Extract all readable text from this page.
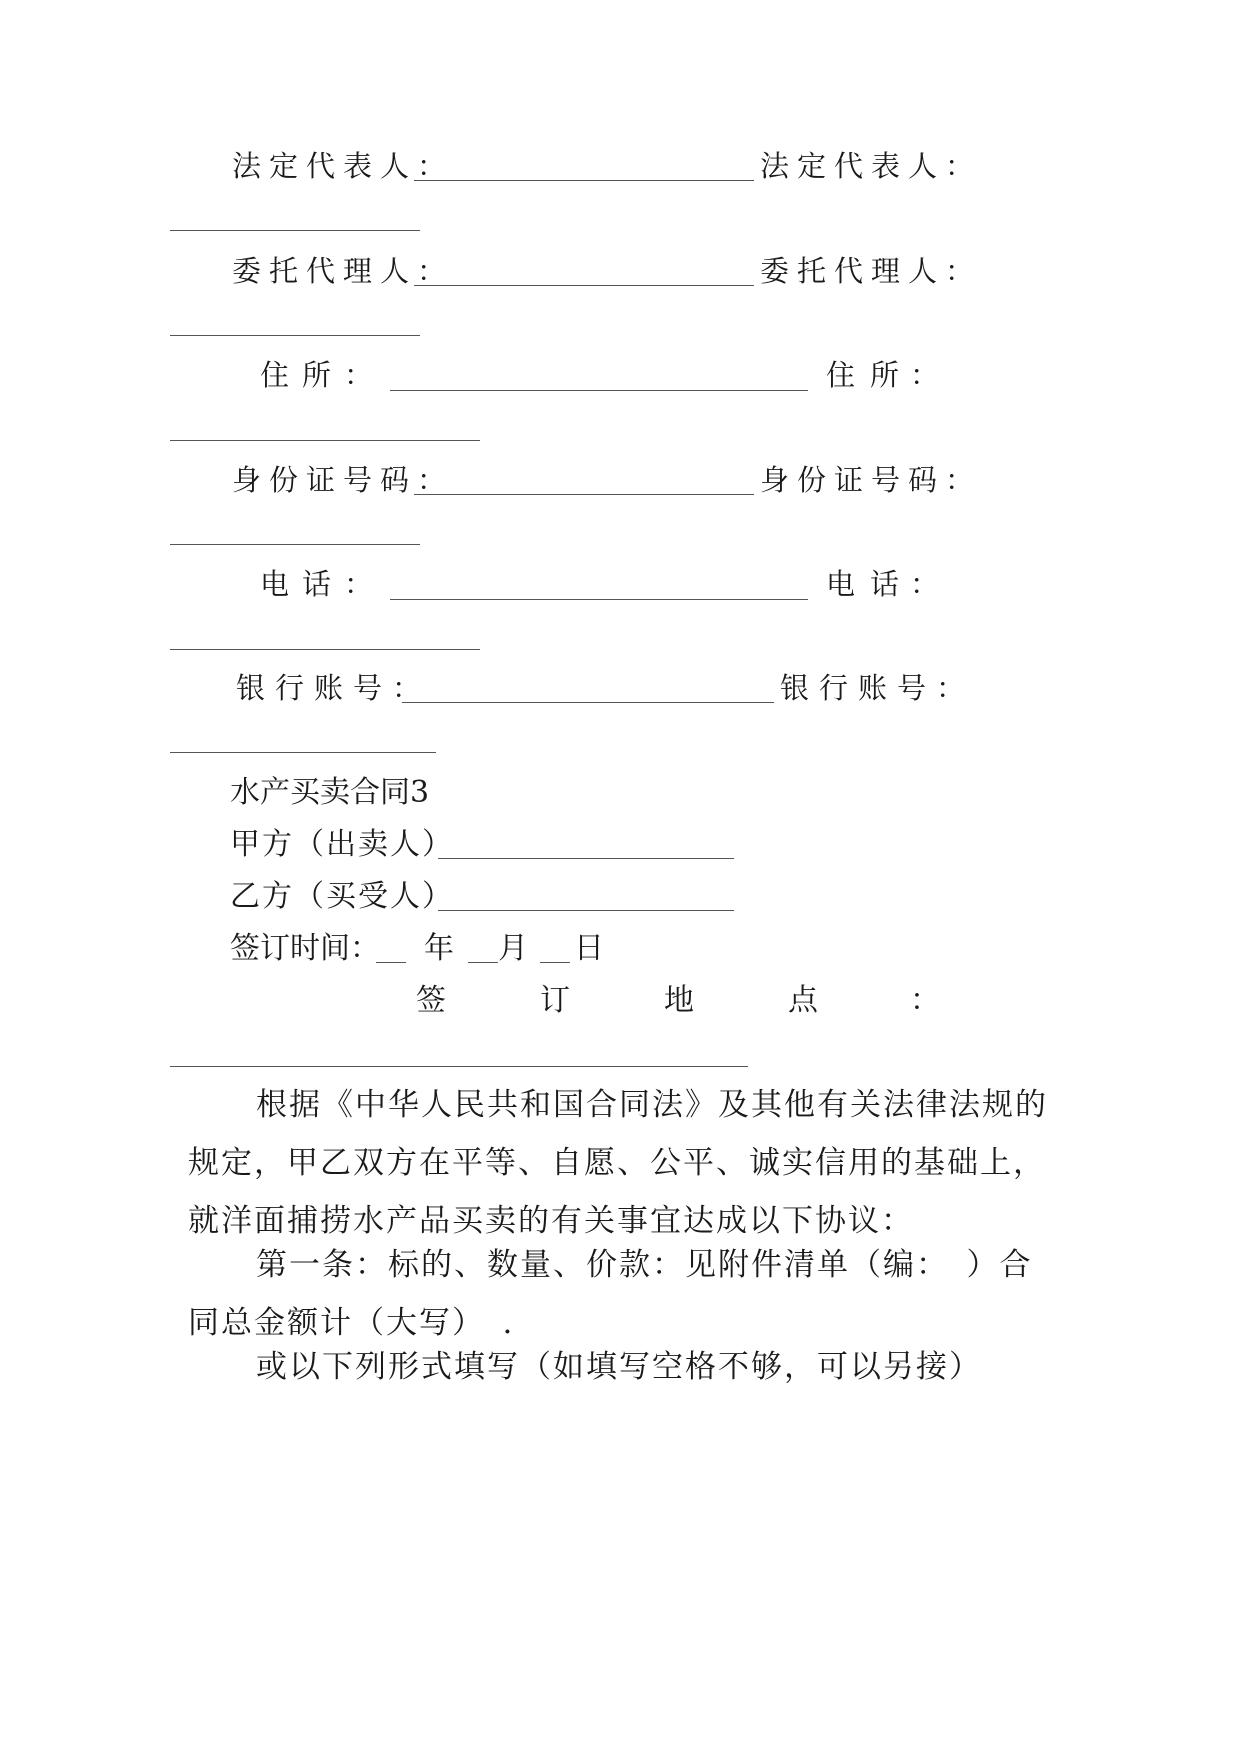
法定代表人：	法定代表人：
委托代理人：	委托代理人：
住 所 ：	住 所 ：
身份证号码：	身份证号码：
电 话 ：	电 话 ：
银行账号：	银行账号：
水产买卖合同3
甲方（出卖人）
乙方（买受人）
签订时间： 年 月 日
签	订	地	点	：
根据《中华人民共和国合同法》及其他有关法律法规的规定，甲乙双方在平等、自愿、公平、诚实信用的基础上，就洋面捕捞水产品买卖的有关事宜达成以下协议：
第一条：标的、数量、价款：见附件清单（编：　）合同总金额计（大写）　.
或以下列形式填写（如填写空格不够，可以另接）
